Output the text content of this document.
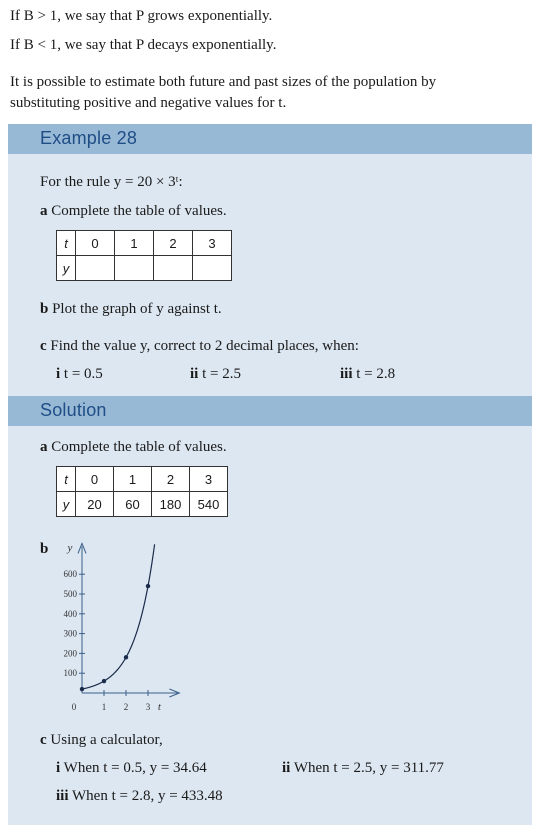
If B > 1, we say that P grows exponentially.
If B < 1, we say that P decays exponentially.
It is possible to estimate both future and past sizes of the population by
substituting positive and negative values for t.
Example 28
For the rule y = 20 × 3ᵗ:
a Complete the table of values.
t	0	1	2	3
y				
b Plot the graph of y against t.
c Find the value y, correct to 2 decimal places, when:
i t = 0.5	ii t = 2.5	iii t = 2.8
Solution
a Complete the table of values.
t	0	1	2	3
y	20	60	180	540
b
100
200
300
400
500
600
1 2 3
0
y
t
c Using a calculator,
i When t = 0.5, y = 34.64	ii When t = 2.5, y = 311.77
iii When t = 2.8, y = 433.48
